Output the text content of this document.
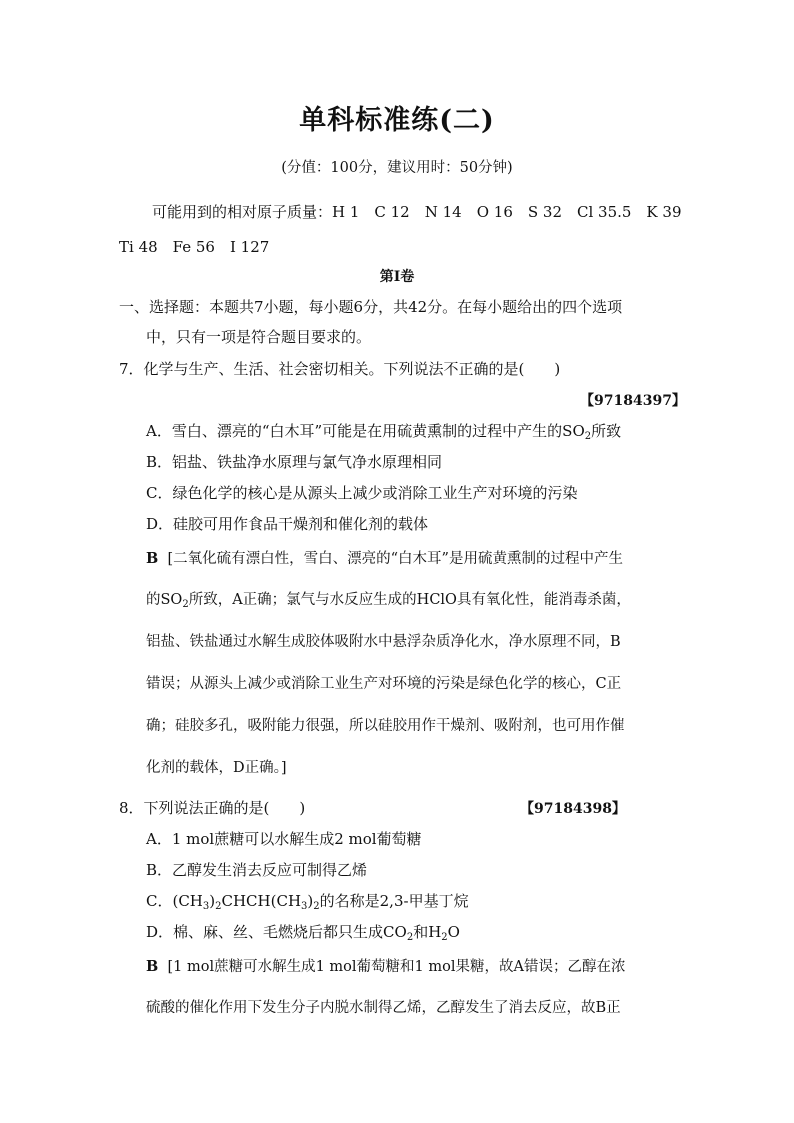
单科标准练(二)
(分值：100分，建议用时：50分钟)
可能用到的相对原子质量：H 1　C 12　N 14　O 16　S 32　Cl 35.5　K 39
Ti 48　Fe 56　I 127
第Ⅰ卷
一、选择题：本题共7小题，每小题6分，共42分。在每小题给出的四个选项
中，只有一项是符合题目要求的。
7．化学与生产、生活、社会密切相关。下列说法不正确的是(　　)
【97184397】
A．雪白、漂亮的“白木耳”可能是在用硫黄熏制的过程中产生的$SO_2$所致
B．铝盐、铁盐净水原理与氯气净水原理相同
C．绿色化学的核心是从源头上减少或消除工业生产对环境的污染
D．硅胶可用作食品干燥剂和催化剂的载体
B [二氧化硫有漂白性，雪白、漂亮的“白木耳”是用硫黄熏制的过程中产生
的$SO_2$所致，A正确；氯气与水反应生成的HClO具有氧化性，能消毒杀菌，
铝盐、铁盐通过水解生成胶体吸附水中悬浮杂质净化水，净水原理不同，B
错误；从源头上减少或消除工业生产对环境的污染是绿色化学的核心，C正
确；硅胶多孔，吸附能力很强，所以硅胶用作干燥剂、吸附剂，也可用作催
化剂的载体，D正确。]
8．下列说法正确的是(　　)	【97184398】
A．1 mol蔗糖可以水解生成2 mol葡萄糖
B．乙醇发生消去反应可制得乙烯
C．$(CH_3)_2CHCH(CH_3)_2$的名称是2,3-甲基丁烷
D．棉、麻、丝、毛燃烧后都只生成$CO_2$和$H_2O$
B [1 mol蔗糖可水解生成1 mol葡萄糖和1 mol果糖，故A错误；乙醇在浓
硫酸的催化作用下发生分子内脱水制得乙烯，乙醇发生了消去反应，故B正
